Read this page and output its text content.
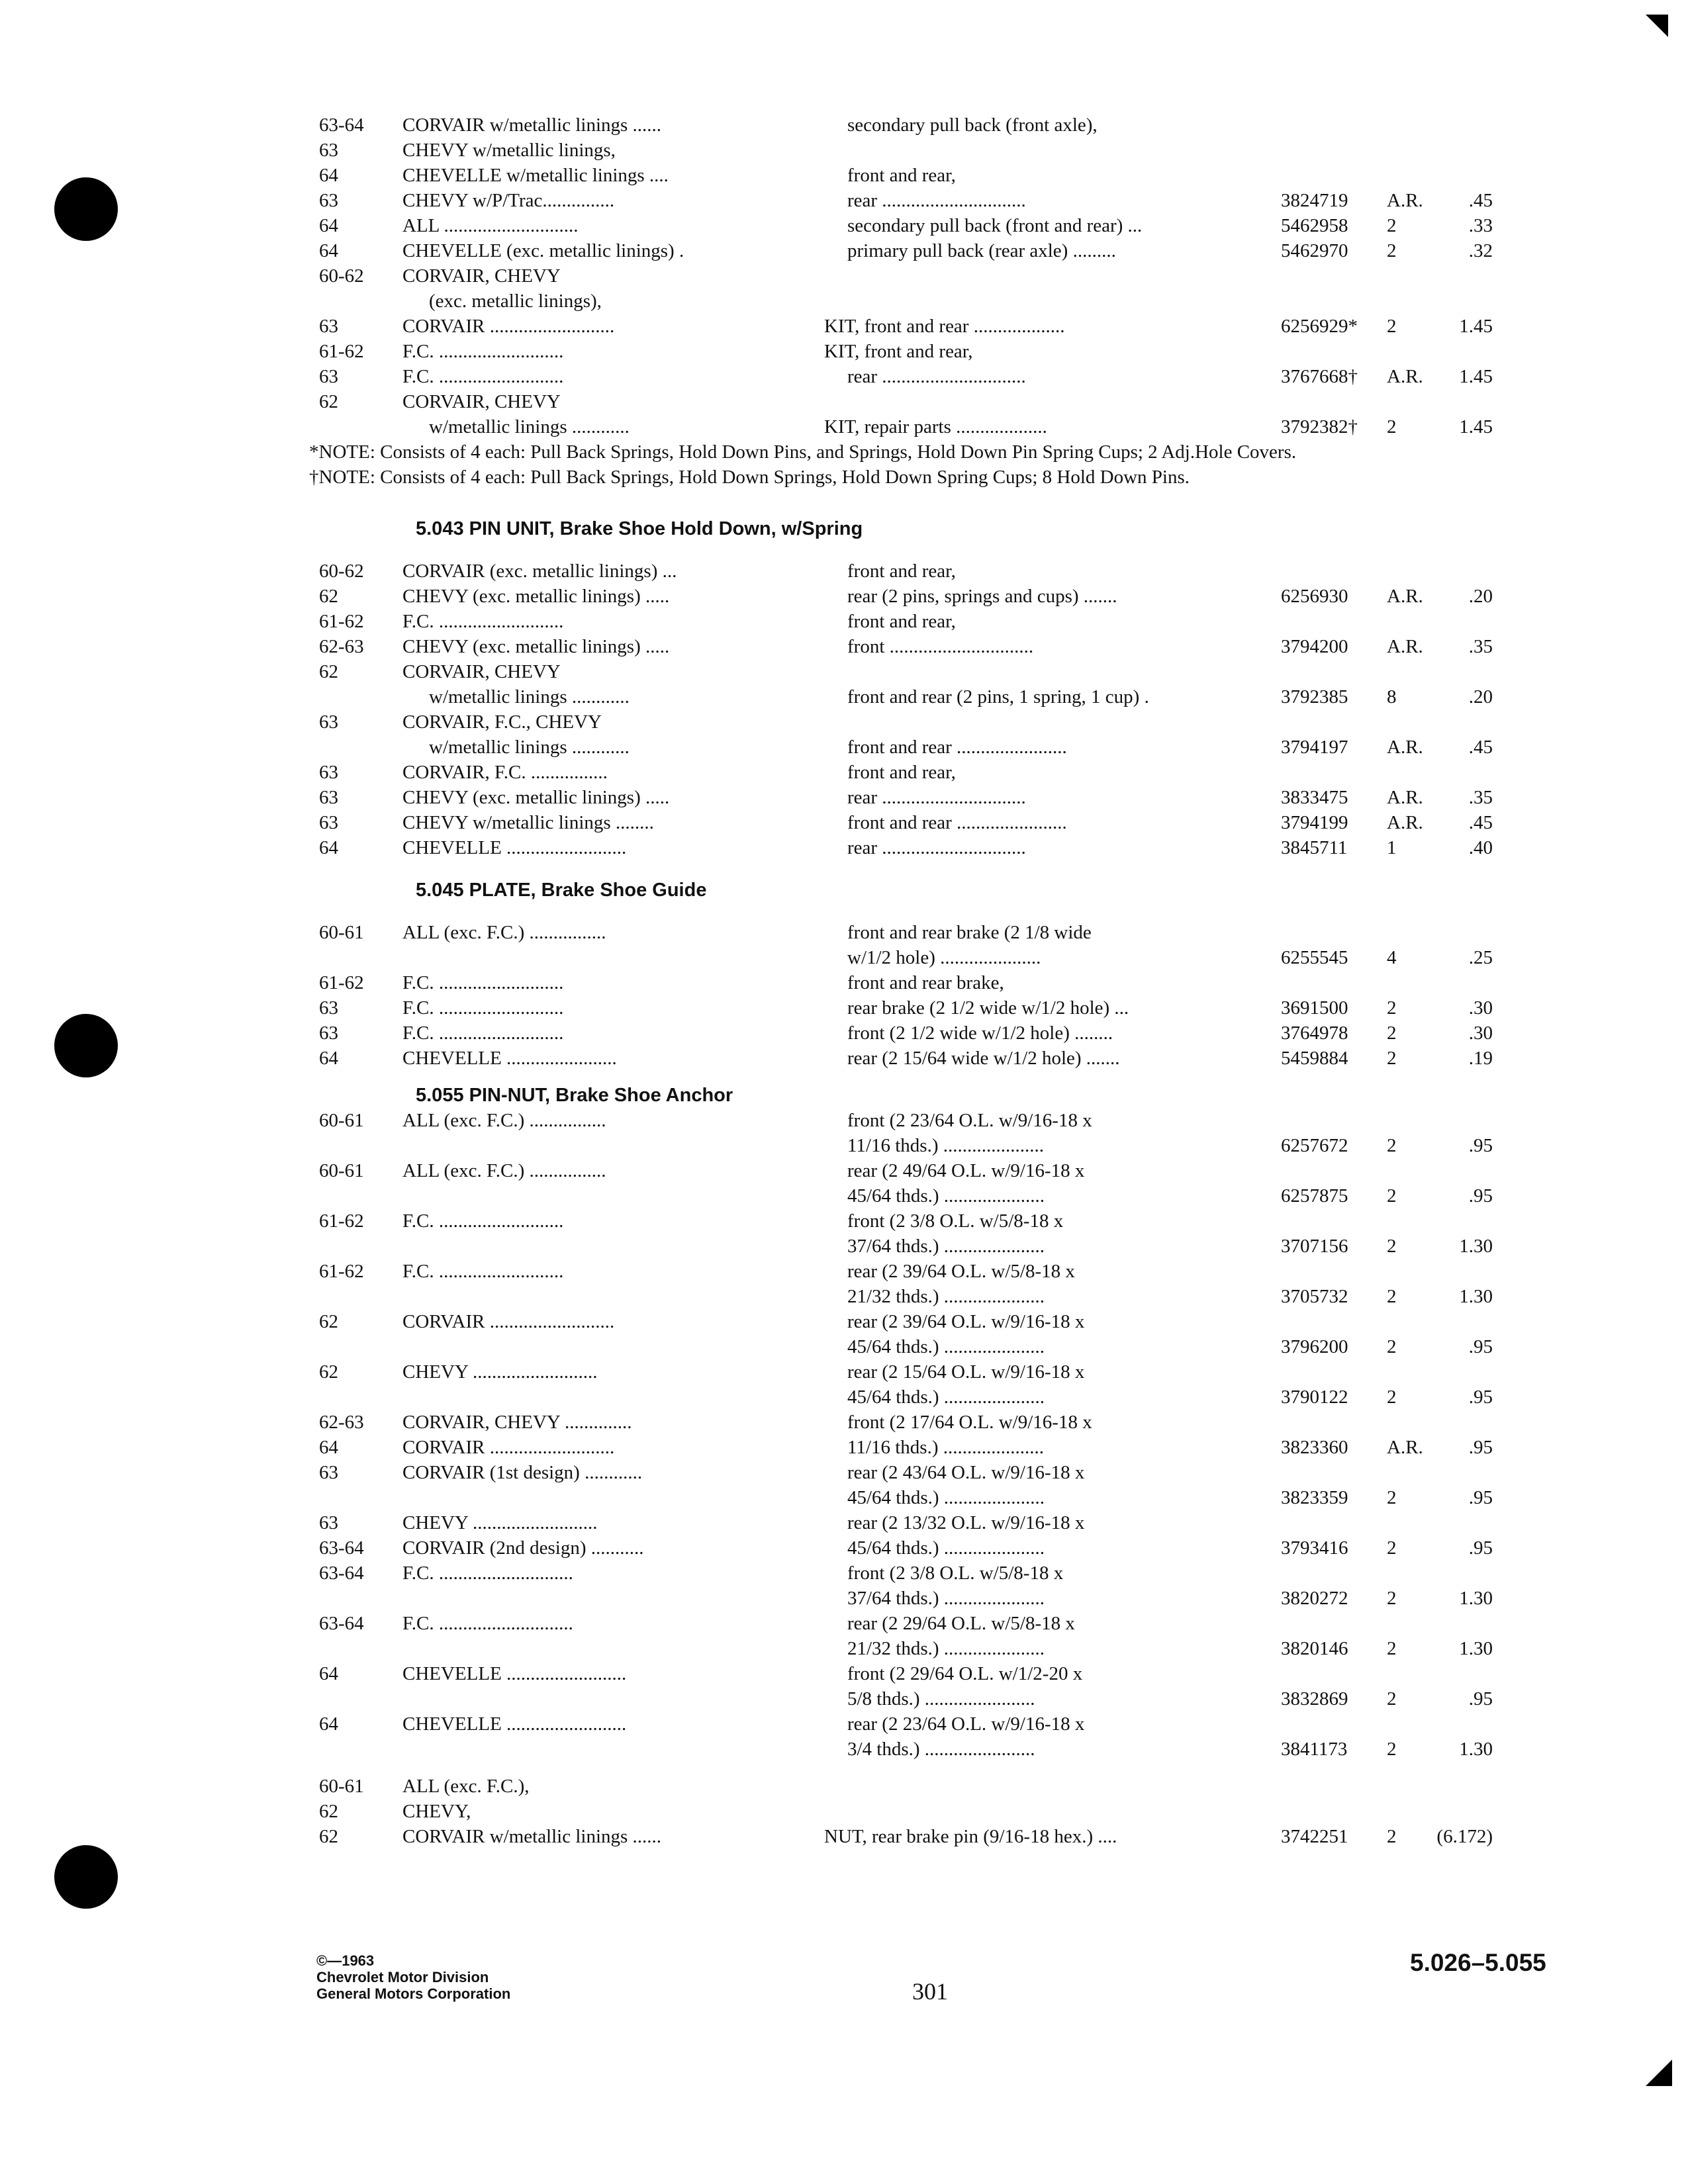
63-64 CORVAIR w/metallic linings ......	secondary pull back (front axle),
63	CHEVY w/metallic linings,
64	CHEVELLE w/metallic linings ....	front and rear,
63	CHEVY w/P/Trac...............	rear ..............................	3824719 A.R.	.45
64	ALL ............................	secondary pull back (front and rear) ...	5462958 2	.33
64	CHEVELLE (exc. metallic linings) .	primary pull back (rear axle) .........	5462970 2	.32
60-62 CORVAIR, CHEVY
(exc. metallic linings),
63	CORVAIR ..........................	KIT, front and rear ...................	6256929* 2	1.45
61-62 F.C. ..........................	KIT, front and rear,
63	F.C. ..........................	rear ..............................	3767668† A.R.	1.45
62	CORVAIR, CHEVY
w/metallic linings ............	KIT, repair parts ...................	3792382† 2	1.45
*NOTE: Consists of 4 each: Pull Back Springs, Hold Down Pins, and Springs, Hold Down Pin Spring Cups; 2 Adj.Hole Covers.
†NOTE: Consists of 4 each: Pull Back Springs, Hold Down Springs, Hold Down Spring Cups; 8 Hold Down Pins.
5.043 PIN UNIT, Brake Shoe Hold Down, w/Spring
60-62 CORVAIR (exc. metallic linings) ...	front and rear,
62	CHEVY (exc. metallic linings) .....	rear (2 pins, springs and cups) .......	6256930 A.R.	.20
61-62 F.C. ..........................	front and rear,
62-63 CHEVY (exc. metallic linings) .....	front ..............................	3794200 A.R.	.35
62	CORVAIR, CHEVY
w/metallic linings ............	front and rear (2 pins, 1 spring, 1 cup) .	3792385 8	.20
63	CORVAIR, F.C., CHEVY
w/metallic linings ............	front and rear .......................	3794197 A.R.	.45
63	CORVAIR, F.C. ................	front and rear,
63	CHEVY (exc. metallic linings) .....	rear ..............................	3833475 A.R.	.35
63	CHEVY w/metallic linings ........	front and rear .......................	3794199 A.R.	.45
64	CHEVELLE .........................	rear ..............................	3845711 1	.40
5.045 PLATE, Brake Shoe Guide
60-61 ALL (exc. F.C.) ................	front and rear brake (2 1/8 wide
w/1/2 hole) .....................	6255545 4	.25
61-62 F.C. ..........................	front and rear brake,
63	F.C. ..........................	rear brake (2 1/2 wide w/1/2 hole) ...	3691500 2	.30
63	F.C. ..........................	front (2 1/2 wide w/1/2 hole) ........	3764978 2	.30
64	CHEVELLE .......................	rear (2 15/64 wide w/1/2 hole) .......	5459884 2	.19
5.055 PIN-NUT, Brake Shoe Anchor
60-61 ALL (exc. F.C.) ................	front (2 23/64 O.L. w/9/16-18 x
11/16 thds.) .....................	6257672 2	.95
60-61 ALL (exc. F.C.) ................	rear (2 49/64 O.L. w/9/16-18 x
45/64 thds.) .....................	6257875 2	.95
61-62 F.C. ..........................	front (2 3/8 O.L. w/5/8-18 x
37/64 thds.) .....................	3707156 2	1.30
61-62 F.C. ..........................	rear (2 39/64 O.L. w/5/8-18 x
21/32 thds.) .....................	3705732 2	1.30
62	CORVAIR ..........................	rear (2 39/64 O.L. w/9/16-18 x
45/64 thds.) .....................	3796200 2	.95
62	CHEVY ..........................	rear (2 15/64 O.L. w/9/16-18 x
45/64 thds.) .....................	3790122 2	.95
62-63 CORVAIR, CHEVY ..............	front (2 17/64 O.L. w/9/16-18 x
64	CORVAIR ..........................	11/16 thds.) .....................	3823360 A.R.	.95
63	CORVAIR (1st design) ............	rear (2 43/64 O.L. w/9/16-18 x
45/64 thds.) .....................	3823359 2	.95
63	CHEVY ..........................	rear (2 13/32 O.L. w/9/16-18 x
63-64 CORVAIR (2nd design) ...........	45/64 thds.) .....................	3793416 2	.95
63-64 F.C. ............................	front (2 3/8 O.L. w/5/8-18 x
37/64 thds.) .....................	3820272 2	1.30
63-64 F.C. ............................	rear (2 29/64 O.L. w/5/8-18 x
21/32 thds.) .....................	3820146 2	1.30
64	CHEVELLE .........................	front (2 29/64 O.L. w/1/2-20 x
5/8 thds.) .......................	3832869 2	.95
64	CHEVELLE .........................	rear (2 23/64 O.L. w/9/16-18 x
3/4 thds.) .......................	3841173 2	1.30
60-61 ALL (exc. F.C.),
62	CHEVY,
62	CORVAIR w/metallic linings ......	NUT, rear brake pin (9/16-18 hex.) ....	3742251 2	(6.172)
©—1963
Chevrolet Motor Division
General Motors Corporation	301
5.026–5.055
